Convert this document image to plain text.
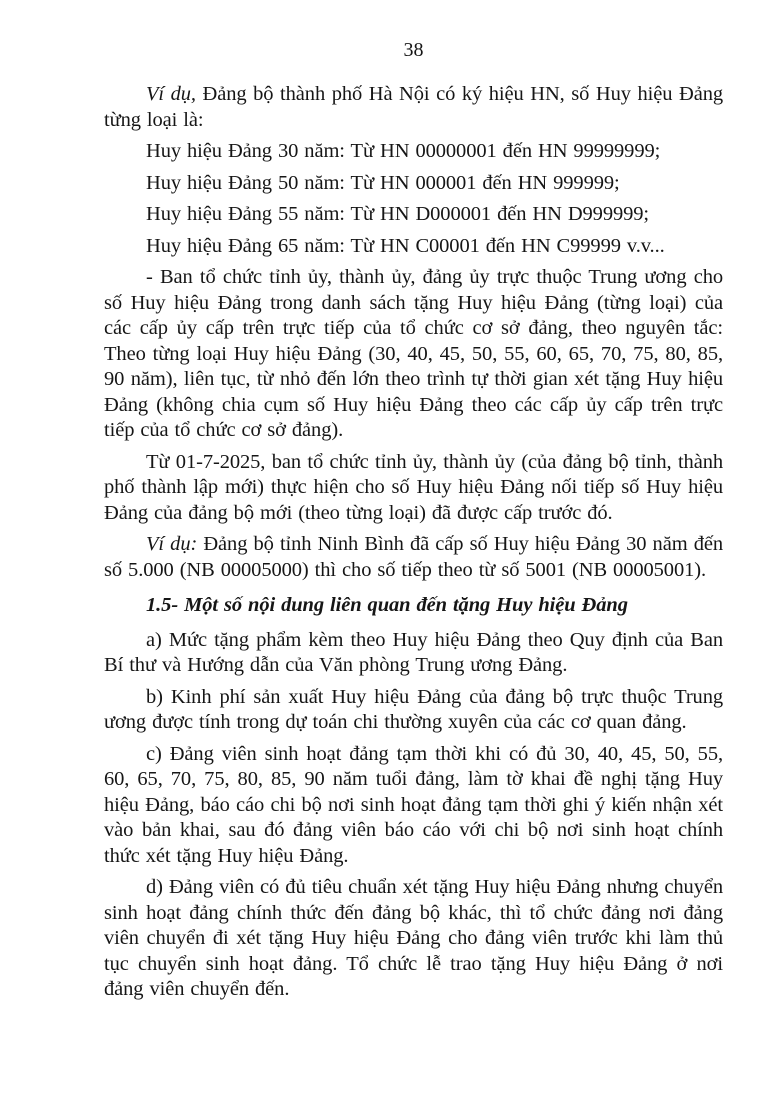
38

Ví dụ, Đảng bộ thành phố Hà Nội có ký hiệu HN, số Huy hiệu Đảng từng loại là:

Huy hiệu Đảng 30 năm: Từ HN 00000001 đến HN 99999999;

Huy hiệu Đảng 50 năm: Từ HN 000001 đến HN 999999;

Huy hiệu Đảng 55 năm: Từ HN D000001 đến HN D999999;

Huy hiệu Đảng 65 năm: Từ HN C00001 đến HN C99999 v.v...

- Ban tổ chức tỉnh ủy, thành ủy, đảng ủy trực thuộc Trung ương cho số Huy hiệu Đảng trong danh sách tặng Huy hiệu Đảng (từng loại) của các cấp ủy cấp trên trực tiếp của tổ chức cơ sở đảng, theo nguyên tắc: Theo từng loại Huy hiệu Đảng (30, 40, 45, 50, 55, 60, 65, 70, 75, 80, 85, 90 năm), liên tục, từ nhỏ đến lớn theo trình tự thời gian xét tặng Huy hiệu Đảng (không chia cụm số Huy hiệu Đảng theo các cấp ủy cấp trên trực tiếp của tổ chức cơ sở đảng).

Từ 01-7-2025, ban tổ chức tỉnh ủy, thành ủy (của đảng bộ tỉnh, thành phố thành lập mới) thực hiện cho số Huy hiệu Đảng nối tiếp số Huy hiệu Đảng của đảng bộ mới (theo từng loại) đã được cấp trước đó.

Ví dụ: Đảng bộ tỉnh Ninh Bình đã cấp số Huy hiệu Đảng 30 năm đến số 5.000 (NB 00005000) thì cho số tiếp theo từ số 5001 (NB 00005001).

1.5- Một số nội dung liên quan đến tặng Huy hiệu Đảng

a) Mức tặng phẩm kèm theo Huy hiệu Đảng theo Quy định của Ban Bí thư và Hướng dẫn của Văn phòng Trung ương Đảng.

b) Kinh phí sản xuất Huy hiệu Đảng của đảng bộ trực thuộc Trung ương được tính trong dự toán chi thường xuyên của các cơ quan đảng.

c) Đảng viên sinh hoạt đảng tạm thời khi có đủ 30, 40, 45, 50, 55, 60, 65, 70, 75, 80, 85, 90 năm tuổi đảng, làm tờ khai đề nghị tặng Huy hiệu Đảng, báo cáo chi bộ nơi sinh hoạt đảng tạm thời ghi ý kiến nhận xét vào bản khai, sau đó đảng viên báo cáo với chi bộ nơi sinh hoạt chính thức xét tặng Huy hiệu Đảng.

d) Đảng viên có đủ tiêu chuẩn xét tặng Huy hiệu Đảng nhưng chuyển sinh hoạt đảng chính thức đến đảng bộ khác, thì tổ chức đảng nơi đảng viên chuyển đi xét tặng Huy hiệu Đảng cho đảng viên trước khi làm thủ tục chuyển sinh hoạt đảng. Tổ chức lễ trao tặng Huy hiệu Đảng ở nơi đảng viên chuyển đến.
